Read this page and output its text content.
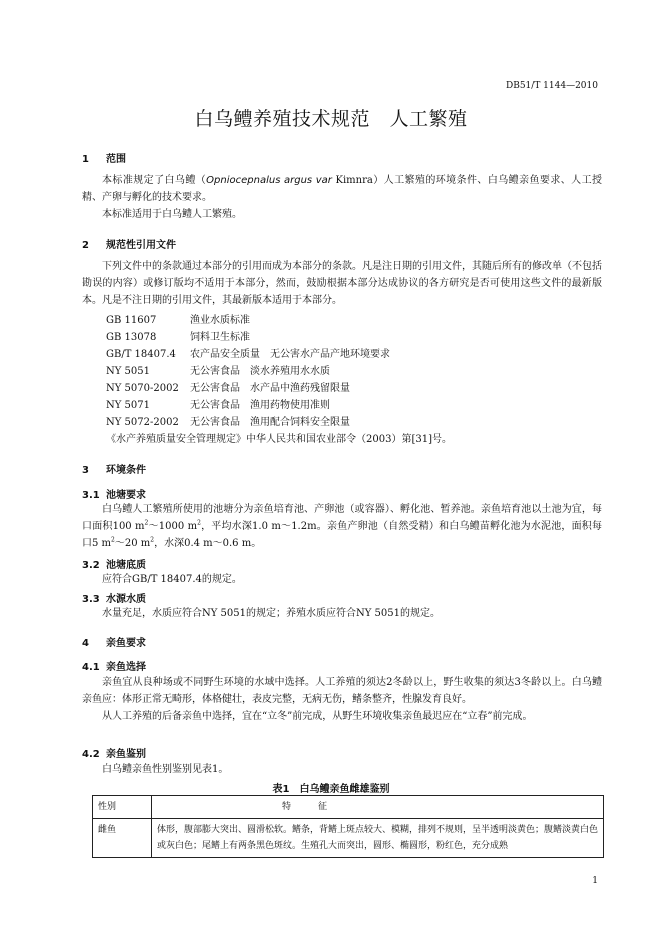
DB51/T 1144—2010
白乌鳢养殖技术规范　人工繁殖
1 范围
本标准规定了白乌鳢（Opniocepnalus argus var Kimnra）人工繁殖的环境条件、白乌鳢亲鱼要求、人工授精、产卵与孵化的技术要求。
本标准适用于白乌鳢人工繁殖。
2 规范性引用文件
下列文件中的条款通过本部分的引用而成为本部分的条款。凡是注日期的引用文件，其随后所有的修改单（不包括勘误的内容）或修订版均不适用于本部分，然而，鼓励根据本部分达成协议的各方研究是否可使用这些文件的最新版本。凡是不注日期的引用文件，其最新版本适用于本部分。
GB 11607	渔业水质标准
GB 13078	饲料卫生标准
GB/T 18407.4 农产品安全质量　无公害水产品产地环境要求
NY 5051	无公害食品　淡水养殖用水水质
NY 5070-2002 无公害食品　水产品中渔药残留限量
NY 5071	无公害食品　渔用药物使用准则
NY 5072-2002 无公害食品　渔用配合饲料安全限量
《水产养殖质量安全管理规定》中华人民共和国农业部令（2003）第[31]号。
3 环境条件
3.1 池塘要求
白乌鳢人工繁殖所使用的池塘分为亲鱼培育池、产卵池（或容器）、孵化池、暂养池。亲鱼培育池以土池为宜，每口面积100 $m^2\sim 1000$ $m^2$，平均水深1.0 m～1.2m。亲鱼产卵池（自然受精）和白乌鳢苗孵化池为水泥池，面积每口5 $m^2\sim 20$ $m^2$，水深0.4 m～0.6 m。
3.2 池塘底质
应符合GB/T 18407.4的规定。
3.3 水源水质
水量充足，水质应符合NY 5051的规定；养殖水质应符合NY 5051的规定。
4 亲鱼要求
4.1 亲鱼选择
亲鱼宜从良种场或不同野生环境的水域中选择。人工养殖的须达2冬龄以上，野生收集的须达3冬龄以上。白乌鳢亲鱼应：体形正常无畸形，体格健壮，表皮完整，无病无伤，鳍条整齐，性腺发育良好。
从人工养殖的后备亲鱼中选择，宜在“立冬”前完成，从野生环境收集亲鱼最迟应在“立春”前完成。
4.2 亲鱼鉴别
白乌鳢亲鱼性别鉴别见表1。
表1　白乌鳢亲鱼雌雄鉴别
性别	特　　　征
雌鱼	体形，腹部膨大突出、圆滑松软。鳍条，背鳍上斑点较大、模糊，排列不规则，呈半透明淡黄色；腹鳍淡黄白色或灰白色；尾鳍上有两条黑色斑纹。生殖孔大而突出，圆形、椭圆形，粉红色，充分成熟
1
